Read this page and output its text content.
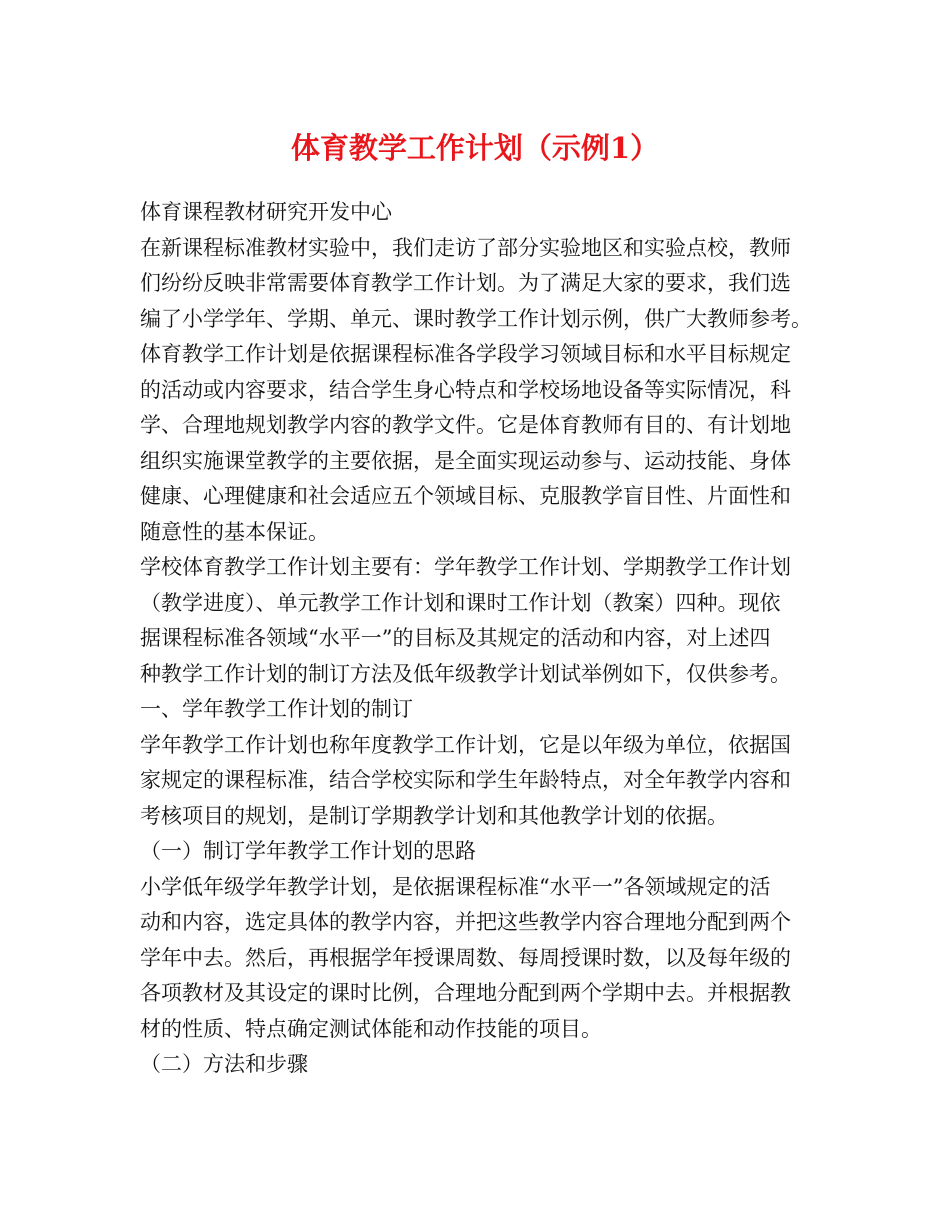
体育教学工作计划（示例1）

体育课程教材研究开发中心

在新课程标准教材实验中，我们走访了部分实验地区和实验点校，教师

们纷纷反映非常需要体育教学工作计划。为了满足大家的要求，我们选

编了小学学年、学期、单元、课时教学工作计划示例，供广大教师参考。

体育教学工作计划是依据课程标准各学段学习领域目标和水平目标规定

的活动或内容要求，结合学生身心特点和学校场地设备等实际情况，科

学、合理地规划教学内容的教学文件。它是体育教师有目的、有计划地

组织实施课堂教学的主要依据，是全面实现运动参与、运动技能、身体

健康、心理健康和社会适应五个领域目标、克服教学盲目性、片面性和

随意性的基本保证。

学校体育教学工作计划主要有：学年教学工作计划、学期教学工作计划

（教学进度）、单元教学工作计划和课时工作计划（教案）四种。现依

据课程标准各领域“水平一”的目标及其规定的活动和内容，对上述四

种教学工作计划的制订方法及低年级教学计划试举例如下，仅供参考。

一、学年教学工作计划的制订

学年教学工作计划也称年度教学工作计划，它是以年级为单位，依据国

家规定的课程标准，结合学校实际和学生年龄特点，对全年教学内容和

考核项目的规划，是制订学期教学计划和其他教学计划的依据。

（一）制订学年教学工作计划的思路

小学低年级学年教学计划，是依据课程标准“水平一”各领域规定的活

动和内容，选定具体的教学内容，并把这些教学内容合理地分配到两个

学年中去。然后，再根据学年授课周数、每周授课时数，以及每年级的

各项教材及其设定的课时比例，合理地分配到两个学期中去。并根据教

材的性质、特点确定测试体能和动作技能的项目。

（二）方法和步骤
